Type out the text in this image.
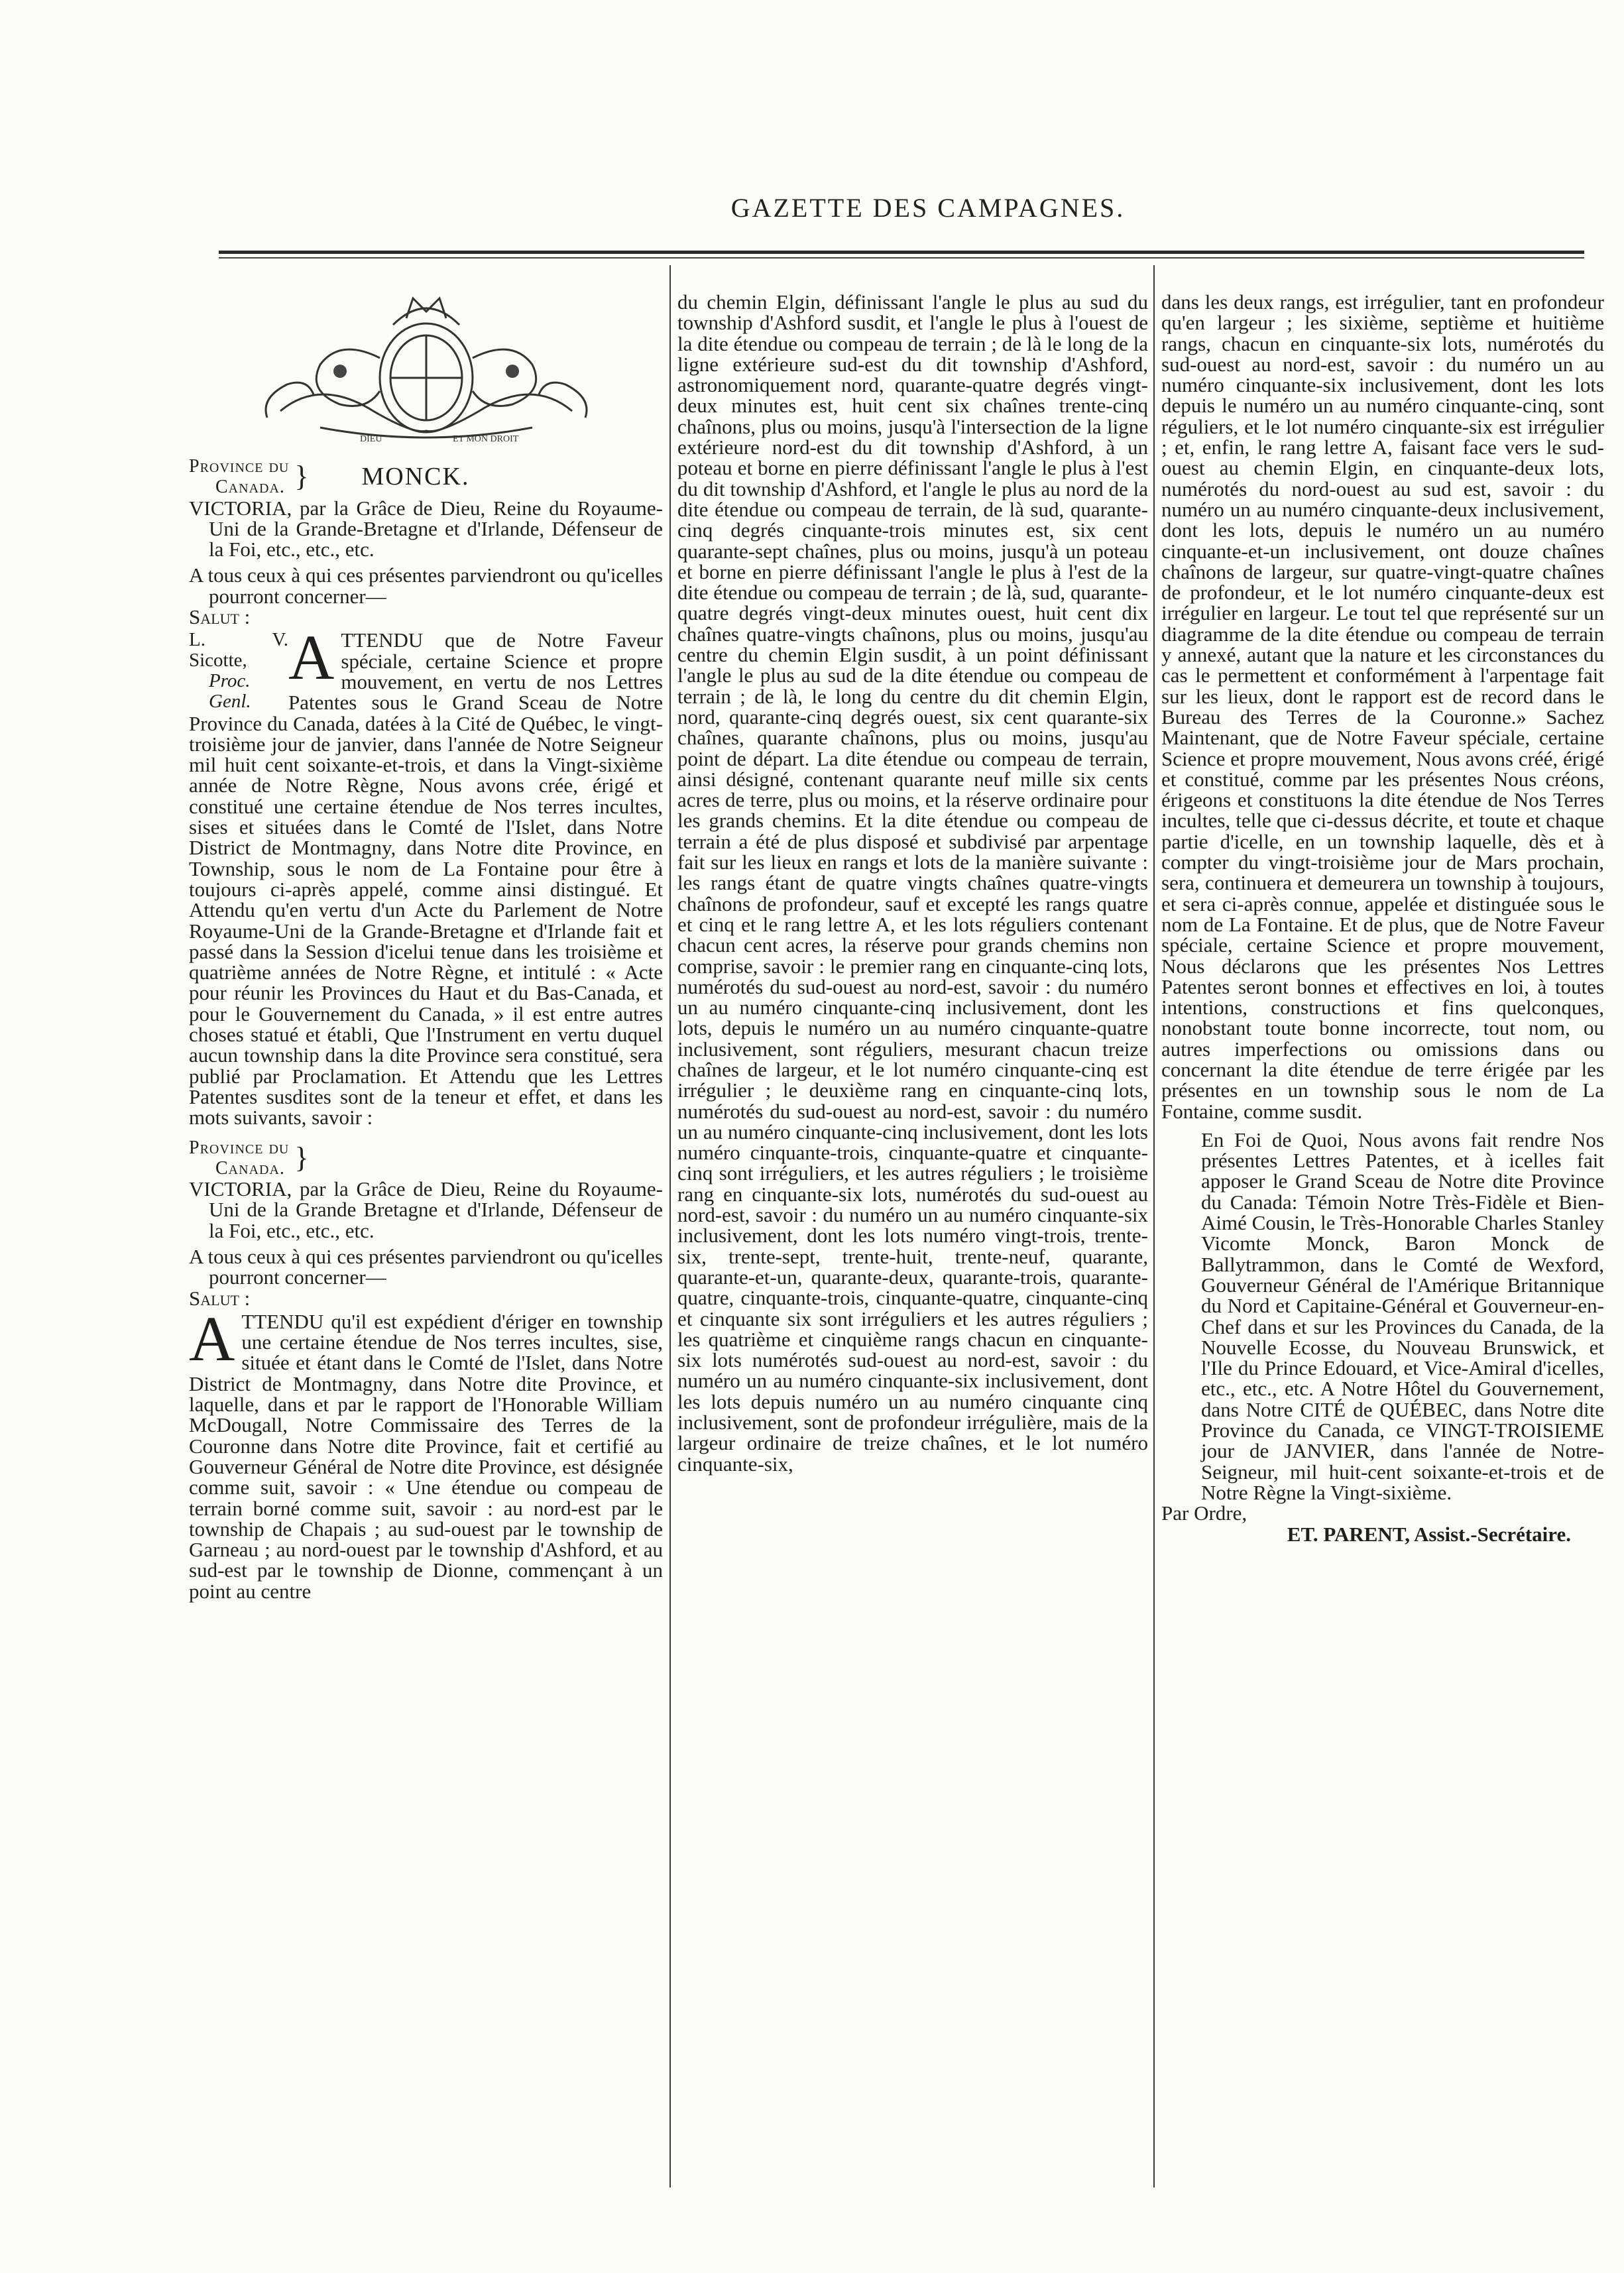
GAZETTE DES CAMPAGNES.
DIEU	ET MON DROIT
Province du
Canada. } MONCK.

VICTORIA, par la Grâce de Dieu, Reine du Royaume-Uni de la Grande-Bretagne et d'Irlande, Défenseur de la Foi, etc., etc., etc.

A tous ceux à qui ces présentes parviendront ou qu'icelles pourront concerner—

Salut :

L. V. Sicotte,
Proc. Genl.
A TTENDU que de Notre Faveur spéciale, certaine Science et propre mouvement, en vertu de nos Lettres Patentes sous le Grand Sceau de Notre Province du Canada, datées à la Cité de Québec, le vingt-troisième jour de janvier, dans l'année de Notre Seigneur mil huit cent soixante-et-trois, et dans la Vingt-sixième année de Notre Règne, Nous avons crée, érigé et constitué une certaine étendue de Nos terres incultes, sises et situées dans le Comté de l'Islet, dans Notre District de Montmagny, dans Notre dite Province, en Township, sous le nom de La Fontaine pour être à toujours ci-après appelé, comme ainsi distingué. Et Attendu qu'en vertu d'un Acte du Parlement de Notre Royaume-Uni de la Grande-Bretagne et d'Irlande fait et passé dans la Session d'icelui tenue dans les troisième et quatrième années de Notre Règne, et intitulé : « Acte pour réunir les Provinces du Haut et du Bas-Canada, et pour le Gouvernement du Canada, » il est entre autres choses statué et établi, Que l'Instrument en vertu duquel aucun township dans la dite Province sera constitué, sera publié par Proclamation. Et Attendu que les Lettres Patentes susdites sont de la teneur et effet, et dans les mots suivants, savoir :

Province du
Canada. }

VICTORIA, par la Grâce de Dieu, Reine du Royaume-Uni de la Grande Bretagne et d'Irlande, Défenseur de la Foi, etc., etc., etc.

A tous ceux à qui ces présentes parviendront ou qu'icelles pourront concerner—

Salut :

A TTENDU qu'il est expédient d'ériger en township une certaine étendue de Nos terres incultes, sise, située et étant dans le Comté de l'Islet, dans Notre District de Montmagny, dans Notre dite Province, et laquelle, dans et par le rapport de l'Honorable William McDougall, Notre Commissaire des Terres de la Couronne dans Notre dite Province, fait et certifié au Gouverneur Général de Notre dite Province, est désignée comme suit, savoir : « Une étendue ou compeau de terrain borné comme suit, savoir : au nord-est par le township de Chapais ; au sud-ouest par le township de Garneau ; au nord-ouest par le township d'Ashford, et au sud-est par le township de Dionne, commençant à un point au centre

du chemin Elgin, définissant l'angle le plus au sud du township d'Ashford susdit, et l'angle le plus à l'ouest de la dite étendue ou compeau de terrain ; de là le long de la ligne extérieure sud-est du dit township d'Ashford, astronomiquement nord, quarante-quatre degrés vingt-deux minutes est, huit cent six chaînes trente-cinq chaînons, plus ou moins, jusqu'à l'intersection de la ligne extérieure nord-est du dit township d'Ashford, à un poteau et borne en pierre définissant l'angle le plus à l'est du dit township d'Ashford, et l'angle le plus au nord de la dite étendue ou compeau de terrain, de là sud, quarante-cinq degrés cinquante-trois minutes est, six cent quarante-sept chaînes, plus ou moins, jusqu'à un poteau et borne en pierre définissant l'angle le plus à l'est de la dite étendue ou compeau de terrain ; de là, sud, quarante-quatre degrés vingt-deux minutes ouest, huit cent dix chaînes quatre-vingts chaînons, plus ou moins, jusqu'au centre du chemin Elgin susdit, à un point définissant l'angle le plus au sud de la dite étendue ou compeau de terrain ; de là, le long du centre du dit chemin Elgin, nord, quarante-cinq degrés ouest, six cent quarante-six chaînes, quarante chaînons, plus ou moins, jusqu'au point de départ. La dite étendue ou compeau de terrain, ainsi désigné, contenant quarante neuf mille six cents acres de terre, plus ou moins, et la réserve ordinaire pour les grands chemins. Et la dite étendue ou compeau de terrain a été de plus disposé et subdivisé par arpentage fait sur les lieux en rangs et lots de la manière suivante : les rangs étant de quatre vingts chaînes quatre-vingts chaînons de profondeur, sauf et excepté les rangs quatre et cinq et le rang lettre A, et les lots réguliers contenant chacun cent acres, la réserve pour grands chemins non comprise, savoir : le premier rang en cinquante-cinq lots, numérotés du sud-ouest au nord-est, savoir : du numéro un au numéro cinquante-cinq inclusivement, dont les lots, depuis le numéro un au numéro cinquante-quatre inclusivement, sont réguliers, mesurant chacun treize chaînes de largeur, et le lot numéro cinquante-cinq est irrégulier ; le deuxième rang en cinquante-cinq lots, numérotés du sud-ouest au nord-est, savoir : du numéro un au numéro cinquante-cinq inclusivement, dont les lots numéro cinquante-trois, cinquante-quatre et cinquante-cinq sont irréguliers, et les autres réguliers ; le troisième rang en cinquante-six lots, numérotés du sud-ouest au nord-est, savoir : du numéro un au numéro cinquante-six inclusivement, dont les lots numéro vingt-trois, trente-six, trente-sept, trente-huit, trente-neuf, quarante, quarante-et-un, quarante-deux, quarante-trois, quarante-quatre, cinquante-trois, cinquante-quatre, cinquante-cinq et cinquante six sont irréguliers et les autres réguliers ; les quatrième et cinquième rangs chacun en cinquante-six lots numérotés sud-ouest au nord-est, savoir : du numéro un au numéro cinquante-six inclusivement, dont les lots depuis numéro un au numéro cinquante cinq inclusivement, sont de profondeur irrégulière, mais de la largeur ordinaire de treize chaînes, et le lot numéro cinquante-six,

dans les deux rangs, est irrégulier, tant en profondeur qu'en largeur ; les sixième, septième et huitième rangs, chacun en cinquante-six lots, numérotés du sud-ouest au nord-est, savoir : du numéro un au numéro cinquante-six inclusivement, dont les lots depuis le numéro un au numéro cinquante-cinq, sont réguliers, et le lot numéro cinquante-six est irrégulier ; et, enfin, le rang lettre A, faisant face vers le sud-ouest au chemin Elgin, en cinquante-deux lots, numérotés du nord-ouest au sud est, savoir : du numéro un au numéro cinquante-deux inclusivement, dont les lots, depuis le numéro un au numéro cinquante-et-un inclusivement, ont douze chaînes chaînons de largeur, sur quatre-vingt-quatre chaînes de profondeur, et le lot numéro cinquante-deux est irrégulier en largeur. Le tout tel que représenté sur un diagramme de la dite étendue ou compeau de terrain y annexé, autant que la nature et les circonstances du cas le permettent et conformément à l'arpentage fait sur les lieux, dont le rapport est de record dans le Bureau des Terres de la Couronne.» Sachez Maintenant, que de Notre Faveur spéciale, certaine Science et propre mouvement, Nous avons créé, érigé et constitué, comme par les présentes Nous créons, érigeons et constituons la dite étendue de Nos Terres incultes, telle que ci-dessus décrite, et toute et chaque partie d'icelle, en un township laquelle, dès et à compter du vingt-troisième jour de Mars prochain, sera, continuera et demeurera un township à toujours, et sera ci-après connue, appelée et distinguée sous le nom de La Fontaine. Et de plus, que de Notre Faveur spéciale, certaine Science et propre mouvement, Nous déclarons que les présentes Nos Lettres Patentes seront bonnes et effectives en loi, à toutes intentions, constructions et fins quelconques, nonobstant toute bonne incorrecte, tout nom, ou autres imperfections ou omissions dans ou concernant la dite étendue de terre érigée par les présentes en un township sous le nom de La Fontaine, comme susdit.

En Foi de Quoi, Nous avons fait rendre Nos présentes Lettres Patentes, et à icelles fait apposer le Grand Sceau de Notre dite Province du Canada: Témoin Notre Très-Fidèle et Bien-Aimé Cousin, le Très-Honorable Charles Stanley Vicomte Monck, Baron Monck de Ballytrammon, dans le Comté de Wexford, Gouverneur Général de l'Amérique Britannique du Nord et Capitaine-Général et Gouverneur-en-Chef dans et sur les Provinces du Canada, de la Nouvelle Ecosse, du Nouveau Brunswick, et l'Ile du Prince Edouard, et Vice-Amiral d'icelles, etc., etc., etc. A Notre Hôtel du Gouvernement, dans Notre CITÉ de QUÉBEC, dans Notre dite Province du Canada, ce VINGT-TROISIEME jour de JANVIER, dans l'année de Notre-Seigneur, mil huit-cent soixante-et-trois et de Notre Règne la Vingt-sixième.

Par Ordre,

ET. PARENT, Assist.-Secrétaire.
